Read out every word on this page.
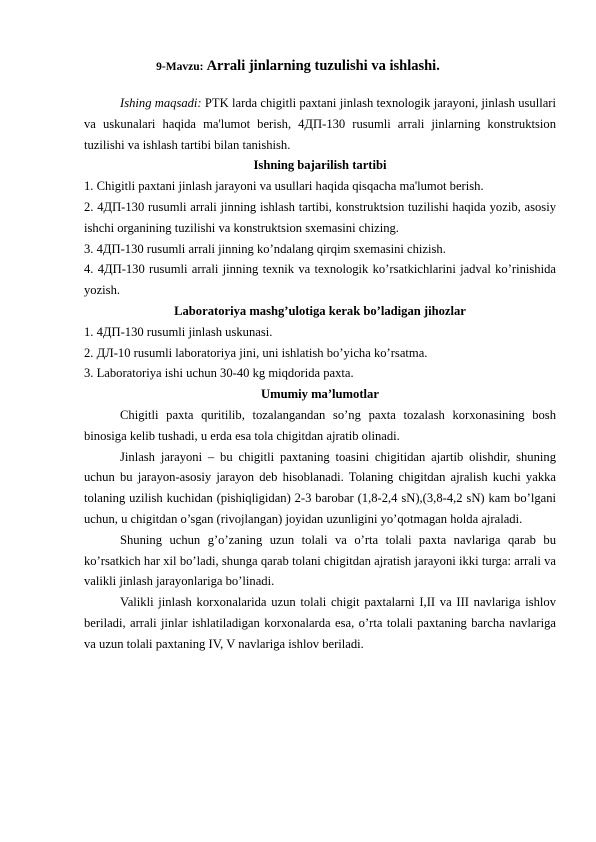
9-Mavzu: Arrali jinlarning tuzulishi va ishlashi.

Ishing maqsadi: PTK larda chigitli paxtani jinlash texnologik jarayoni, jinlash usullari va uskunalari haqida ma'lumot berish, 4ДП-130 rusumli arrali jinlarning konstruktsion tuzilishi va ishlash tartibi bilan tanishish.

Ishning bajarilish tartibi

1. Chigitli paxtani jinlash jarayoni va usullari haqida qisqacha ma'lumot berish.

2. 4ДП-130 rusumli arrali jinning ishlash tartibi, konstruktsion tuzilishi haqida yozib, asosiy ishchi organining tuzilishi va konstruktsion sxemasini chizing.

3. 4ДП-130 rusumli arrali jinning ko’ndalang qirqim sxemasini chizish.

4. 4ДП-130 rusumli arrali jinning texnik va texnologik ko’rsatkichlarini jadval ko’rinishida yozish.

Laboratoriya mashg’ulotiga kerak bo’ladigan jihozlar

1. 4ДП-130 rusumli jinlash uskunasi.

2. ДЛ-10 rusumli laboratoriya jini, uni ishlatish bo’yicha ko’rsatma.

3. Laboratoriya ishi uchun 30-40 kg miqdorida paxta.

Umumiy ma’lumotlar

Chigitli paxta quritilib, tozalangandan so’ng paxta tozalash korxonasining bosh binosiga kelib tushadi, u erda esa tola chigitdan ajratib olinadi.

Jinlash jarayoni – bu chigitli paxtaning toasini chigitidan ajartib olishdir, shuning uchun bu jarayon-asosiy jarayon deb hisoblanadi. Tolaning chigitdan ajralish kuchi yakka tolaning uzilish kuchidan (pishiqligidan) 2-3 barobar (1,8-2,4 sN),(3,8-4,2 sN) kam bo’lgani uchun, u chigitdan o’sgan (rivojlangan) joyidan uzunligini yo’qotmagan holda ajraladi.

Shuning uchun g’o’zaning uzun tolali va o’rta tolali paxta navlariga qarab bu ko’rsatkich har xil bo’ladi, shunga qarab tolani chigitdan ajratish jarayoni ikki turga: arrali va valikli jinlash jarayonlariga bo’linadi.

Valikli jinlash korxonalarida uzun tolali chigit paxtalarni I,II va III navlariga ishlov beriladi, arrali jinlar ishlatiladigan korxonalarda esa, o’rta tolali paxtaning barcha navlariga va uzun tolali paxtaning IV, V navlariga ishlov beriladi.
